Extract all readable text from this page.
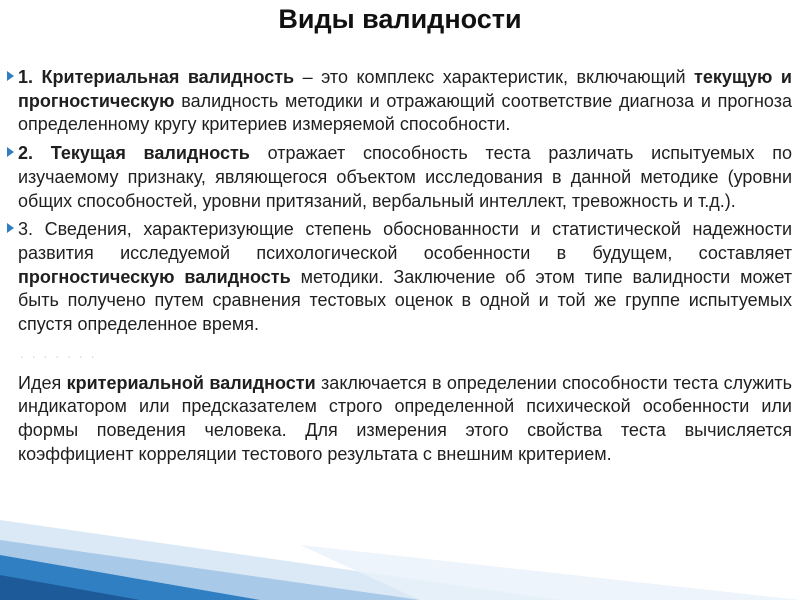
Виды валидности

1. Критериальная валидность – это комплекс характеристик, включающий текущую и прогностическую валидность методики и отражающий соответствие диагноза и прогноза определенному кругу критериев измеряемой способности.

2. Текущая валидность отражает способность теста различать испытуемых по изучаемому признаку, являющегося объектом исследования в данной методике (уровни общих способностей, уровни притязаний, вербальный интеллект, тревожность и т.д.).

3. Сведения, характеризующие степень обоснованности и статистической надежности развития исследуемой психологической особенности в будущем, составляет прогностическую валидность методики. Заключение об этом типе валидности может быть получено путем сравнения тестовых оценок в одной и той же группе испытуемых спустя определенное время.

. . . . . . .

Идея критериальной валидности заключается в определении способности теста служить индикатором или предсказателем строго определенной психической особенности или формы поведения человека. Для измерения этого свойства теста вычисляется коэффициент корреляции тестового результата с внешним критерием.
